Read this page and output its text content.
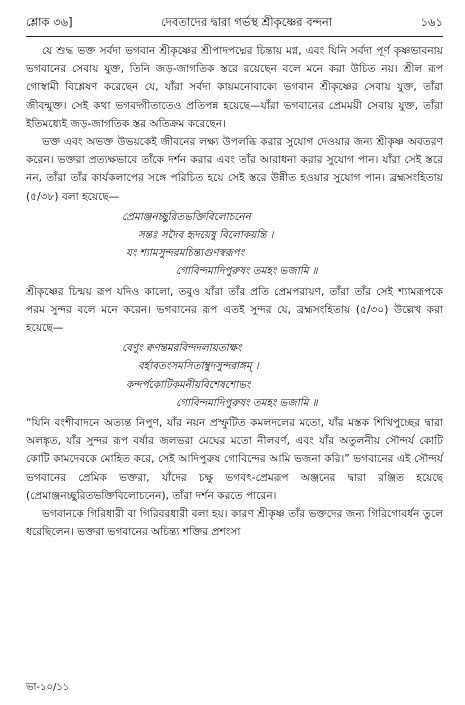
শ্লোক ৩৬]	দেবতাদের দ্বারা গর্ভস্থ শ্রীকৃষ্ণের বন্দনা	১৬১

যে শুদ্ধ ভক্ত সর্বদা ভগবান শ্রীকৃষ্ণের শ্রীপাদপদ্মের চিন্তায় মগ্ন, এবং যিনি সর্বদা পূর্ণ কৃষ্ণভাবনায় ভগবানের সেবায় যুক্ত, তিনি জড়-জাগতিক স্তরে রয়েছেন বলে মনে করা উচিত নয়। শ্রীল রূপ গোস্বামী বিশ্লেষণ করেছেন যে, যাঁরা সর্বদা কায়মনোবাক্যে ভগবান শ্রীকৃষ্ণের সেবায় যুক্ত, তাঁরা জীবন্মুক্ত। সেই কথা ভগবদ্গীতাতেও প্রতিপন্ন হয়েছে—যাঁরা ভগবানের প্রেমময়ী সেবায় যুক্ত, তাঁরা ইতিমধ্যেই জড়-জাগতিক স্তর অতিক্রম করেছেন।

ভক্ত এবং অভক্ত উভয়কেই জীবনের লক্ষ্য উপলব্ধি করার সুযোগ দেওয়ার জন্য শ্রীকৃষ্ণ অবতরণ করেন। ভক্তরা প্রত্যক্ষভাবে তাঁকে দর্শন করার এবং তাঁর আরাধনা করার সুযোগ পান। যাঁরা সেই স্তরে নন, তাঁরা তাঁর কার্যকলাপের সঙ্গে পরিচিত হয়ে সেই স্তরে উন্নীত হওয়ার সুযোগ পান। ব্রহ্মসংহিতায় (৫/৩৮) বলা হয়েছে—

প্রেমাঞ্জনচ্ছুরিতভক্তিবিলোচনেন
সন্তঃ সদৈব হৃদয়েষু বিলোকয়ন্তি ।
যং শ্যামসুন্দরমচিন্ত্যগুণস্বরূপং
গোবিন্দমাদিপুরুষং তমহং ভজামি ॥

শ্রীকৃষ্ণের চিন্ময় রূপ যদিও কালো, তবুও যাঁরা তাঁর প্রতি প্রেমপরায়ণ, তাঁরা তাঁর সেই শ্যামরূপকে পরম সুন্দর বলে মনে করেন। ভগবানের রূপ এতই সুন্দর যে, ব্রহ্মসংহিতায় (৫/৩০) উল্লেখ করা হয়েছে—

বেণুং ক্বণন্তমরবিন্দদলায়তাক্ষং
বর্হাবতংসমসিতাম্বুদসুন্দরাঙ্গম্ ।
কন্দর্পকোটিকমনীয়বিশেষশোভং
গোবিন্দমাদিপুরুষং তমহং ভজামি ॥

“যিনি বংশীবাদনে অত্যন্ত নিপুণ, যাঁর নয়ন প্রস্ফুটিত কমলদলের মতো, যাঁর মস্তক শিখিপুচ্ছের দ্বারা অলঙ্কৃত, যাঁর সুন্দর রূপ বর্ষার জলভরা মেঘের মতো নীলবর্ণ, এবং যাঁর অতুলনীয় সৌন্দর্য কোটি কোটি কামদেবকে মোহিত করে, সেই আদিপুরুষ গোবিন্দের আমি ভজনা করি।” ভগবানের এই সৌন্দর্য ভগবানের প্রেমিক ভক্তরা, যাঁদের চক্ষু ভগবৎ-প্রেমরূপ অঞ্জনের দ্বারা রঞ্জিত হয়েছে (প্রেমাঞ্জনচ্ছুরিতভক্তিবিলোচনেন), তাঁরা দর্শন করতে পারেন।

ভগবানকে গিরিধারী বা গিরিবরধারী বলা হয়। কারণ শ্রীকৃষ্ণ তাঁর ভক্তদের জন্য গিরিগোবর্ধন তুলে ধরেছিলেন। ভক্তরা ভগবানের অচিন্ত্য শক্তির প্রশংসা

ভা-১০/১১
